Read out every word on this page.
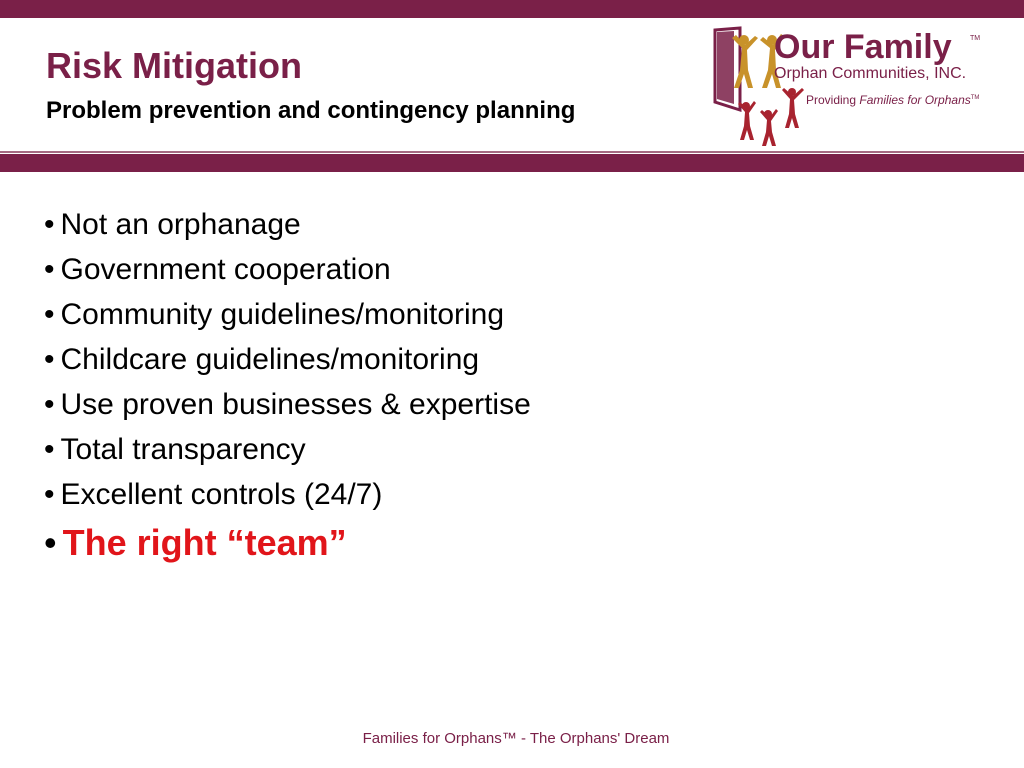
Risk Mitigation
Problem prevention and contingency planning
Our Family	TM
Orphan Communities, INC.
Providing Families for Orphans™
• Not an orphanage
• Government cooperation
• Community guidelines/monitoring
• Childcare guidelines/monitoring
• Use proven businesses & expertise
• Total transparency
• Excellent controls (24/7)
• The right “team”
Families for Orphans™ - The Orphans' Dream
